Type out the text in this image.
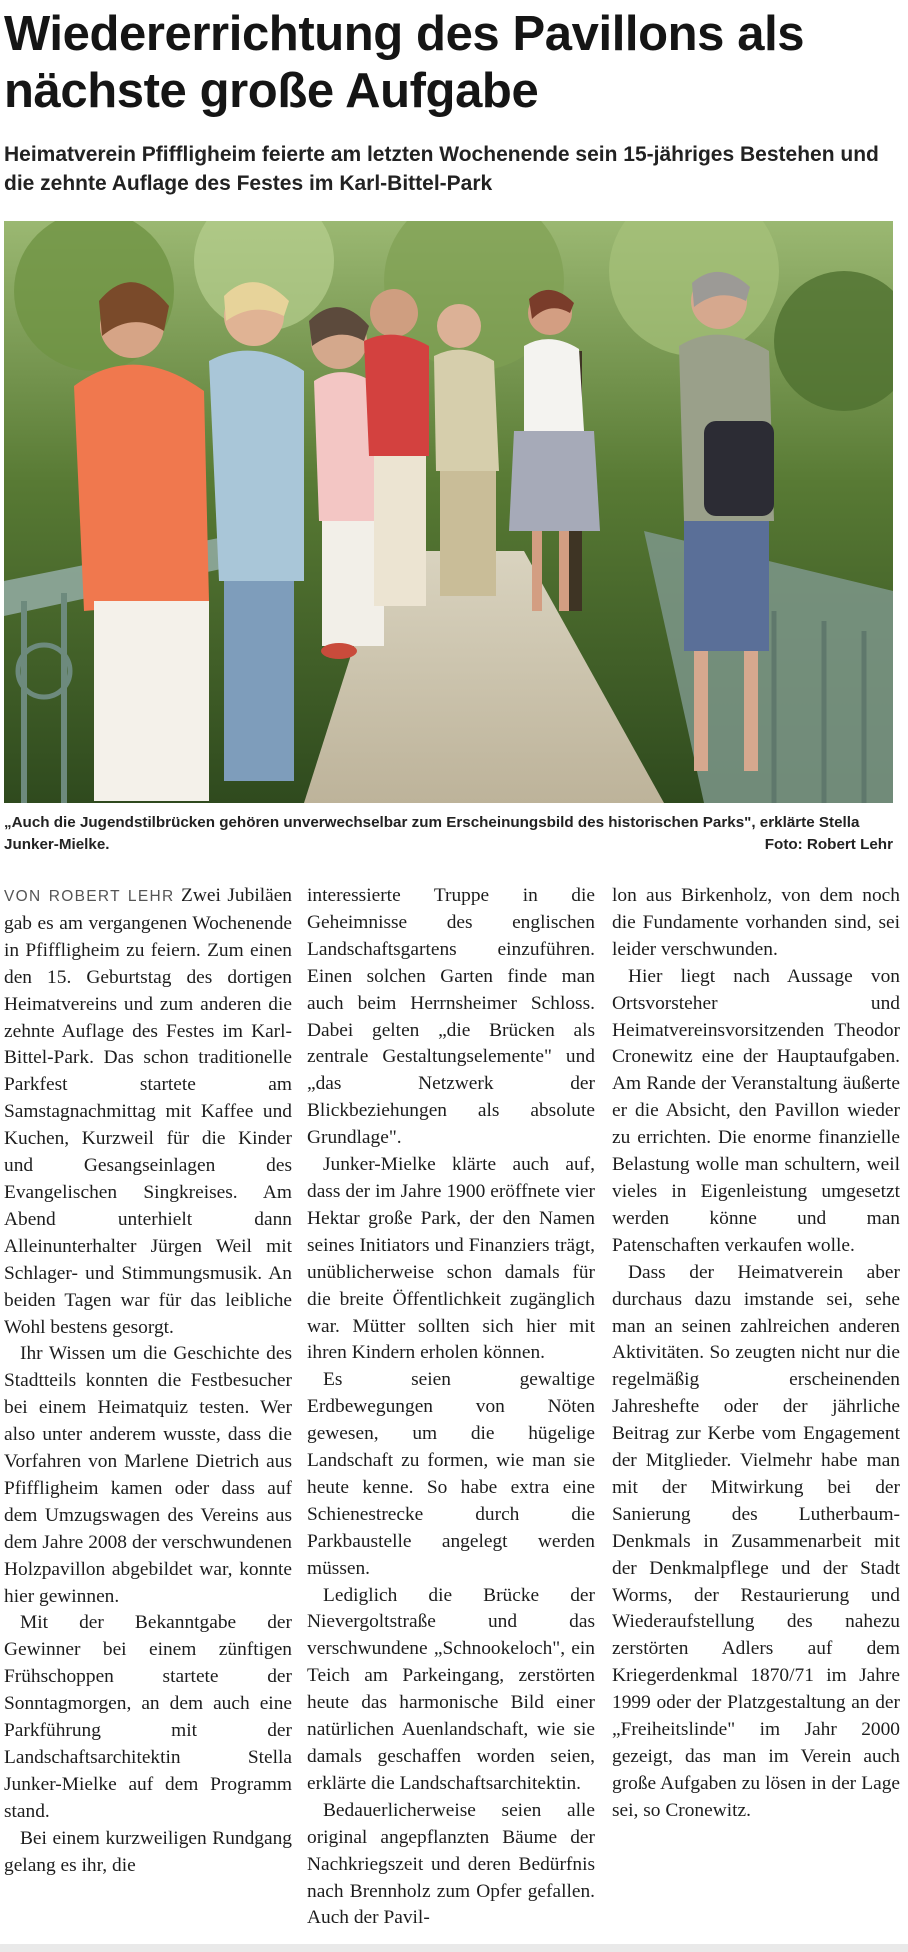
Wiedererrichtung des Pavillons als nächste große Aufgabe
Heimatverein Pfiffligheim feierte am letzten Wochenende sein 15-jähriges Bestehen und die zehnte Auflage des Festes im Karl-Bittel-Park
„Auch die Jugendstilbrücken gehören unverwechselbar zum Erscheinungsbild des historischen Parks", erklärte Stella Junker-Mielke.	Foto: Robert Lehr

VON ROBERT LEHR Zwei Jubiläen gab es am vergangenen Wochenende in Pfiffligheim zu feiern. Zum einen den 15. Geburtstag des dortigen Heimatvereins und zum anderen die zehnte Auflage des Festes im Karl-Bittel-Park. Das schon traditionelle Parkfest startete am Samstagnachmittag mit Kaffee und Kuchen, Kurzweil für die Kinder und Gesangseinlagen des Evangelischen Singkreises. Am Abend unterhielt dann Alleinunterhalter Jürgen Weil mit Schlager- und Stimmungsmusik. An beiden Tagen war für das leibliche Wohl bestens gesorgt.

Ihr Wissen um die Geschichte des Stadtteils konnten die Festbesucher bei einem Heimatquiz testen. Wer also unter anderem wusste, dass die Vorfahren von Marlene Dietrich aus Pfiffligheim kamen oder dass auf dem Umzugswagen des Vereins aus dem Jahre 2008 der verschwundenen Holzpavillon abgebildet war, konnte hier gewinnen.

Mit der Bekanntgabe der Gewinner bei einem zünftigen Frühschoppen startete der Sonntagmorgen, an dem auch eine Parkführung mit der Landschaftsarchitektin Stella Junker-Mielke auf dem Programm stand.

Bei einem kurzweiligen Rundgang gelang es ihr, die

interessierte Truppe in die Geheimnisse des englischen Landschaftsgartens einzuführen. Einen solchen Garten finde man auch beim Herrnsheimer Schloss. Dabei gelten „die Brücken als zentrale Gestaltungselemente" und „das Netzwerk der Blickbeziehungen als absolute Grundlage".

Junker-Mielke klärte auch auf, dass der im Jahre 1900 eröffnete vier Hektar große Park, der den Namen seines Initiators und Finanziers trägt, unüblicherweise schon damals für die breite Öffentlichkeit zugänglich war. Mütter sollten sich hier mit ihren Kindern erholen können.

Es seien gewaltige Erdbewegungen von Nöten gewesen, um die hügelige Landschaft zu formen, wie man sie heute kenne. So habe extra eine Schienestrecke durch die Parkbaustelle angelegt werden müssen.

Lediglich die Brücke der Nievergoltstraße und das verschwundene „Schnookeloch", ein Teich am Parkeingang, zerstörten heute das harmonische Bild einer natürlichen Auenlandschaft, wie sie damals geschaffen worden seien, erklärte die Landschaftsarchitektin.

Bedauerlicherweise seien alle original angepflanzten Bäume der Nachkriegszeit und deren Bedürfnis nach Brennholz zum Opfer gefallen. Auch der Pavil-

lon aus Birkenholz, von dem noch die Fundamente vorhanden sind, sei leider verschwunden.

Hier liegt nach Aussage von Ortsvorsteher und Heimatvereinsvorsitzenden Theodor Cronewitz eine der Hauptaufgaben. Am Rande der Veranstaltung äußerte er die Absicht, den Pavillon wieder zu errichten. Die enorme finanzielle Belastung wolle man schultern, weil vieles in Eigenleistung umgesetzt werden könne und man Patenschaften verkaufen wolle.

Dass der Heimatverein aber durchaus dazu imstande sei, sehe man an seinen zahlreichen anderen Aktivitäten. So zeugten nicht nur die regelmäßig erscheinenden Jahreshefte oder der jährliche Beitrag zur Kerbe vom Engagement der Mitglieder. Vielmehr habe man mit der Mitwirkung bei der Sanierung des Lutherbaum-Denkmals in Zusammenarbeit mit der Denkmalpflege und der Stadt Worms, der Restaurierung und Wiederaufstellung des nahezu zerstörten Adlers auf dem Kriegerdenkmal 1870/71 im Jahre 1999 oder der Platzgestaltung an der „Freiheitslinde" im Jahr 2000 gezeigt, das man im Verein auch große Aufgaben zu lösen in der Lage sei, so Cronewitz.
